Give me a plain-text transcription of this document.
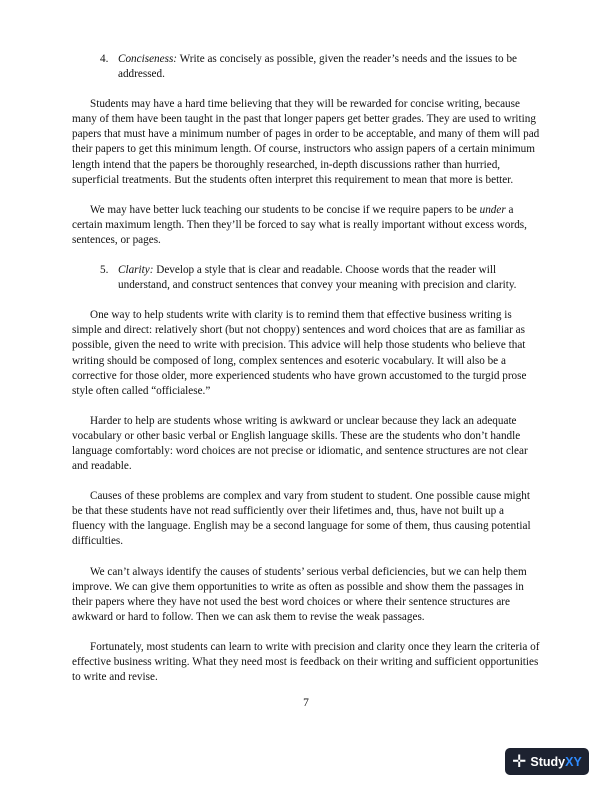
4. Conciseness: Write as concisely as possible, given the reader’s needs and the issues to be addressed.

Students may have a hard time believing that they will be rewarded for concise writing, because many of them have been taught in the past that longer papers get better grades. They are used to writing papers that must have a minimum number of pages in order to be acceptable, and many of them will pad their papers to get this minimum length. Of course, instructors who assign papers of a certain minimum length intend that the papers be thoroughly researched, in-depth discussions rather than hurried, superficial treatments. But the students often interpret this requirement to mean that more is better.

We may have better luck teaching our students to be concise if we require papers to be under a certain maximum length. Then they’ll be forced to say what is really important without excess words, sentences, or pages.

5. Clarity: Develop a style that is clear and readable. Choose words that the reader will understand, and construct sentences that convey your meaning with precision and clarity.

One way to help students write with clarity is to remind them that effective business writing is simple and direct: relatively short (but not choppy) sentences and word choices that are as familiar as possible, given the need to write with precision. This advice will help those students who believe that writing should be composed of long, complex sentences and esoteric vocabulary. It will also be a corrective for those older, more experienced students who have grown accustomed to the turgid prose style often called “officialese.”

Harder to help are students whose writing is awkward or unclear because they lack an adequate vocabulary or other basic verbal or English language skills. These are the students who don’t handle language comfortably: word choices are not precise or idiomatic, and sentence structures are not clear and readable.

Causes of these problems are complex and vary from student to student. One possible cause might be that these students have not read sufficiently over their lifetimes and, thus, have not built up a fluency with the language. English may be a second language for some of them, thus causing potential difficulties.

We can’t always identify the causes of students’ serious verbal deficiencies, but we can help them improve. We can give them opportunities to write as often as possible and show them the passages in their papers where they have not used the best word choices or where their sentence structures are awkward or hard to follow. Then we can ask them to revise the weak passages.

Fortunately, most students can learn to write with precision and clarity once they learn the criteria of effective business writing. What they need most is feedback on their writing and sufficient opportunities to write and revise.

7
✛ Study XY
